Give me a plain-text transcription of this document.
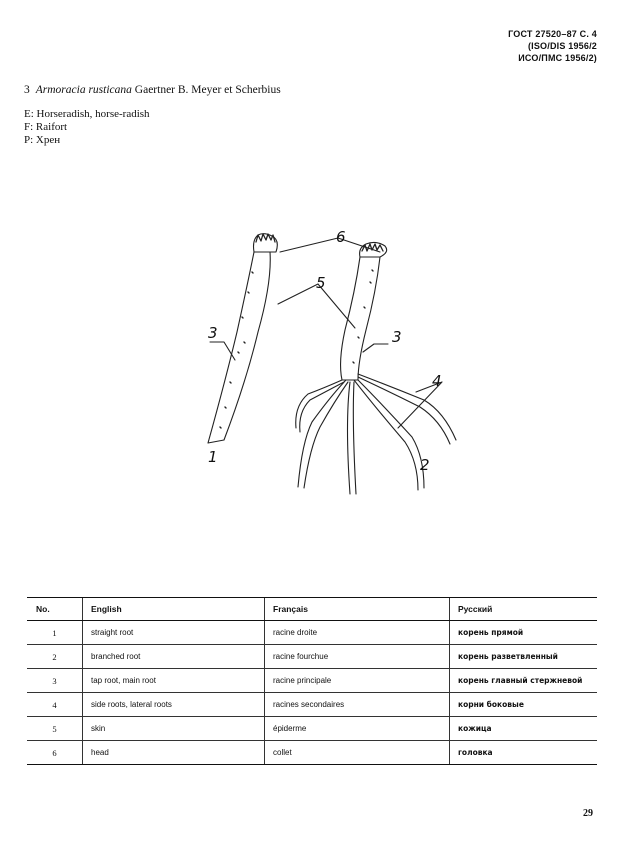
ГОСТ 27520–87 С. 4
(ISO/DIS 1956/2
ИСО/ПМС 1956/2)
3 Armoracia rusticana Gaertner B. Meyer et Scherbius
E: Horseradish, horse-radish
F: Raifort
P: Хрен
6
5
3	3
4
1	2
No.	English	Français	Русский
1	straight root	racine droite	корень прямой
2	branched root	racine fourchue	корень разветвленный
3	tap root, main root	racine principale	корень главный стержневой
4	side roots, lateral roots	racines secondaires	корни боковые
5	skin	épiderme	кожица
6	head	collet	головка
29
